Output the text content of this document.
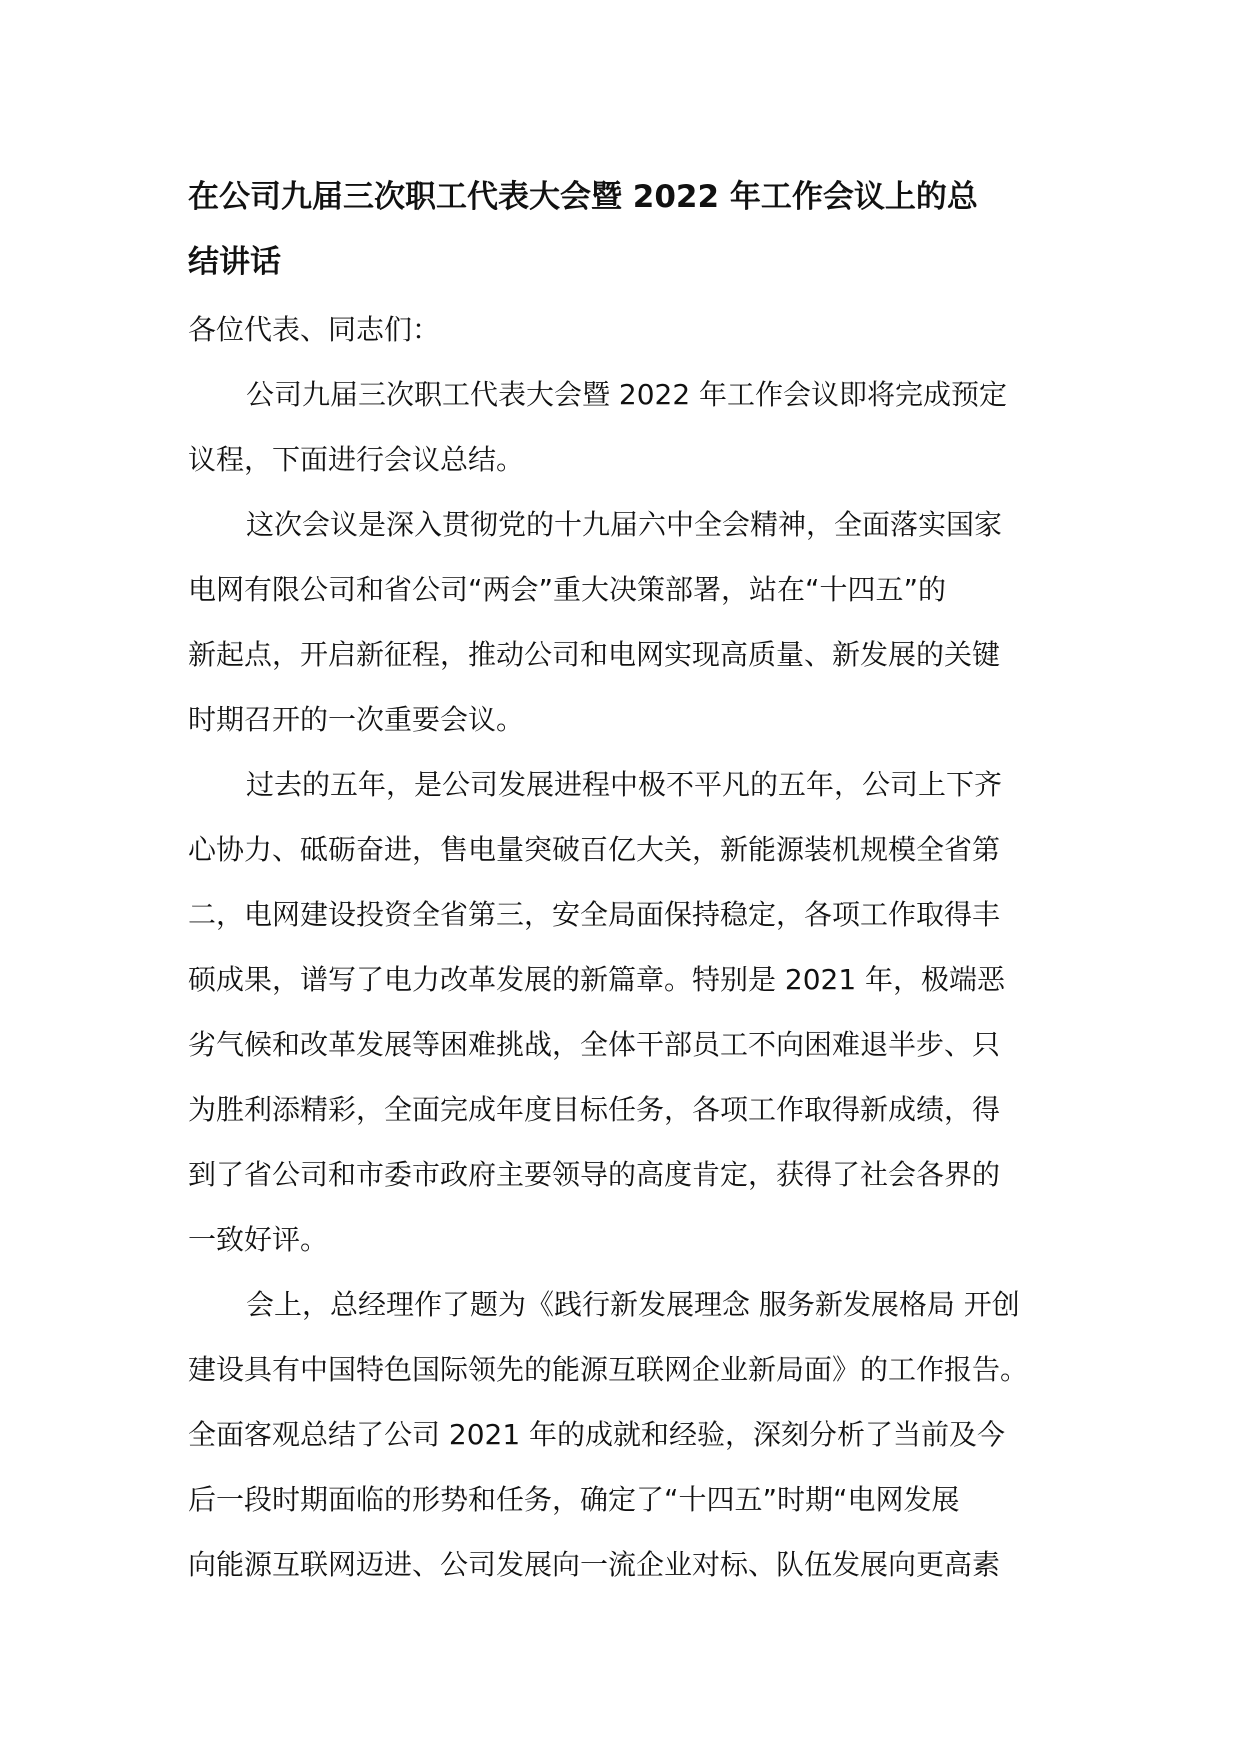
在公司九届三次职工代表大会暨 2022 年工作会议上的总
结讲话
各位代表、同志们：
公司九届三次职工代表大会暨 2022 年工作会议即将完成预定
议程，下面进行会议总结。
这次会议是深入贯彻党的十九届六中全会精神，全面落实国家
电网有限公司和省公司“两会”重大决策部署，站在“十四五”的
新起点，开启新征程，推动公司和电网实现高质量、新发展的关键
时期召开的一次重要会议。
过去的五年，是公司发展进程中极不平凡的五年，公司上下齐
心协力、砥砺奋进，售电量突破百亿大关，新能源装机规模全省第
二，电网建设投资全省第三，安全局面保持稳定，各项工作取得丰
硕成果，谱写了电力改革发展的新篇章。特别是 2021 年，极端恶
劣气候和改革发展等困难挑战，全体干部员工不向困难退半步、只
为胜利添精彩，全面完成年度目标任务，各项工作取得新成绩，得
到了省公司和市委市政府主要领导的高度肯定，获得了社会各界的
一致好评。
会上，总经理作了题为《践行新发展理念 服务新发展格局 开创
建设具有中国特色国际领先的能源互联网企业新局面》的工作报告。
全面客观总结了公司 2021 年的成就和经验，深刻分析了当前及今
后一段时期面临的形势和任务，确定了“十四五”时期“电网发展
向能源互联网迈进、公司发展向一流企业对标、队伍发展向更高素
